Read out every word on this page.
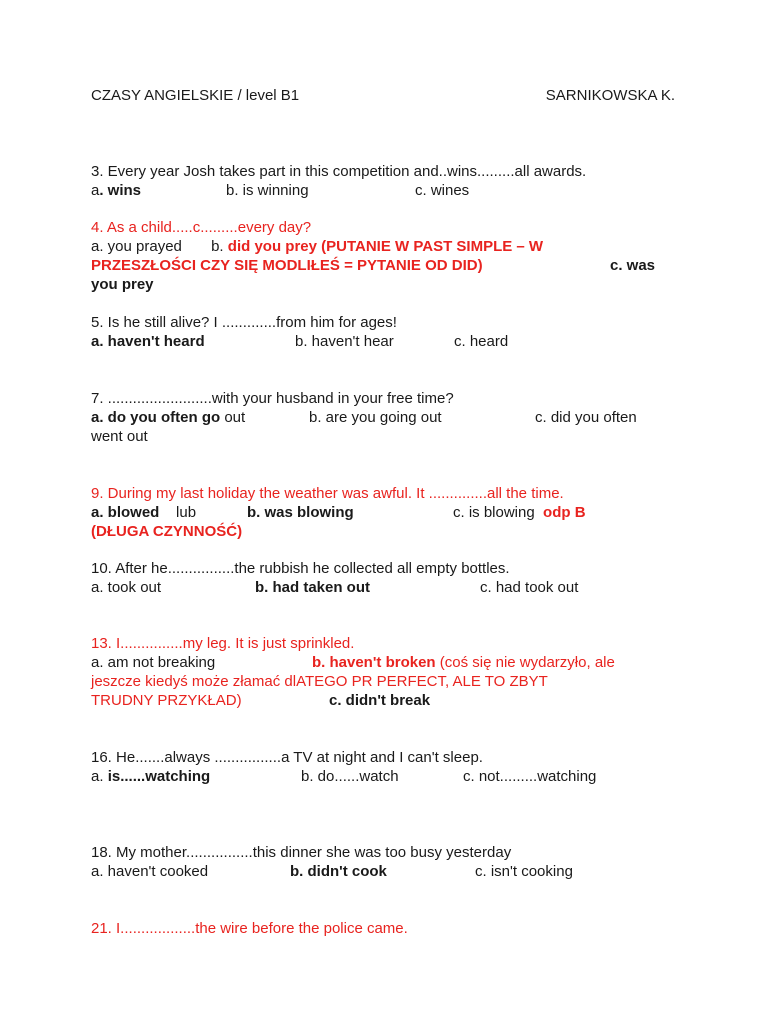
CZASY ANGIELSKIE / level B1	SARNIKOWSKA K.
3. Every year Josh takes part in this competition and..wins.........all awards.
a. wins	b. is winning	c. wines
4. As a child.....c.........every day?
a. you prayed b. did you prey (PUTANIE W PAST SIMPLE – W
PRZESZŁOŚCI CZY SIĘ MODLIŁEŚ = PYTANIE OD DID)	c. was
you prey
5. Is he still alive? I .............from him for ages!
a. haven't heard	b. haven't hear	c. heard
7. .........................with your husband in your free time?
a. do you often go out	b. are you going out	c. did you often
went out
9. During my last holiday the weather was awful. It ..............all the time.
a. blowed lub	b. was blowing	c. is blowing odp B
(DŁUGA CZYNNOŚĆ)
10. After he................the rubbish he collected all empty bottles.
a. took out	b. had taken out	c. had took out
13. I...............my leg. It is just sprinkled.
a. am not breaking	b. haven't broken (coś się nie wydarzyło, ale
jeszcze kiedyś może złamać dlATEGO PR PERFECT, ALE TO ZBYT
TRUDNY PRZYKŁAD)	c. didn't break
16. He.......always ................a TV at night and I can't sleep.
a. is......watching	b. do......watch	c. not.........watching
18. My mother................this dinner she was too busy yesterday
a. haven't cooked	b. didn't cook	c. isn't cooking
21. I..................the wire before the police came.
